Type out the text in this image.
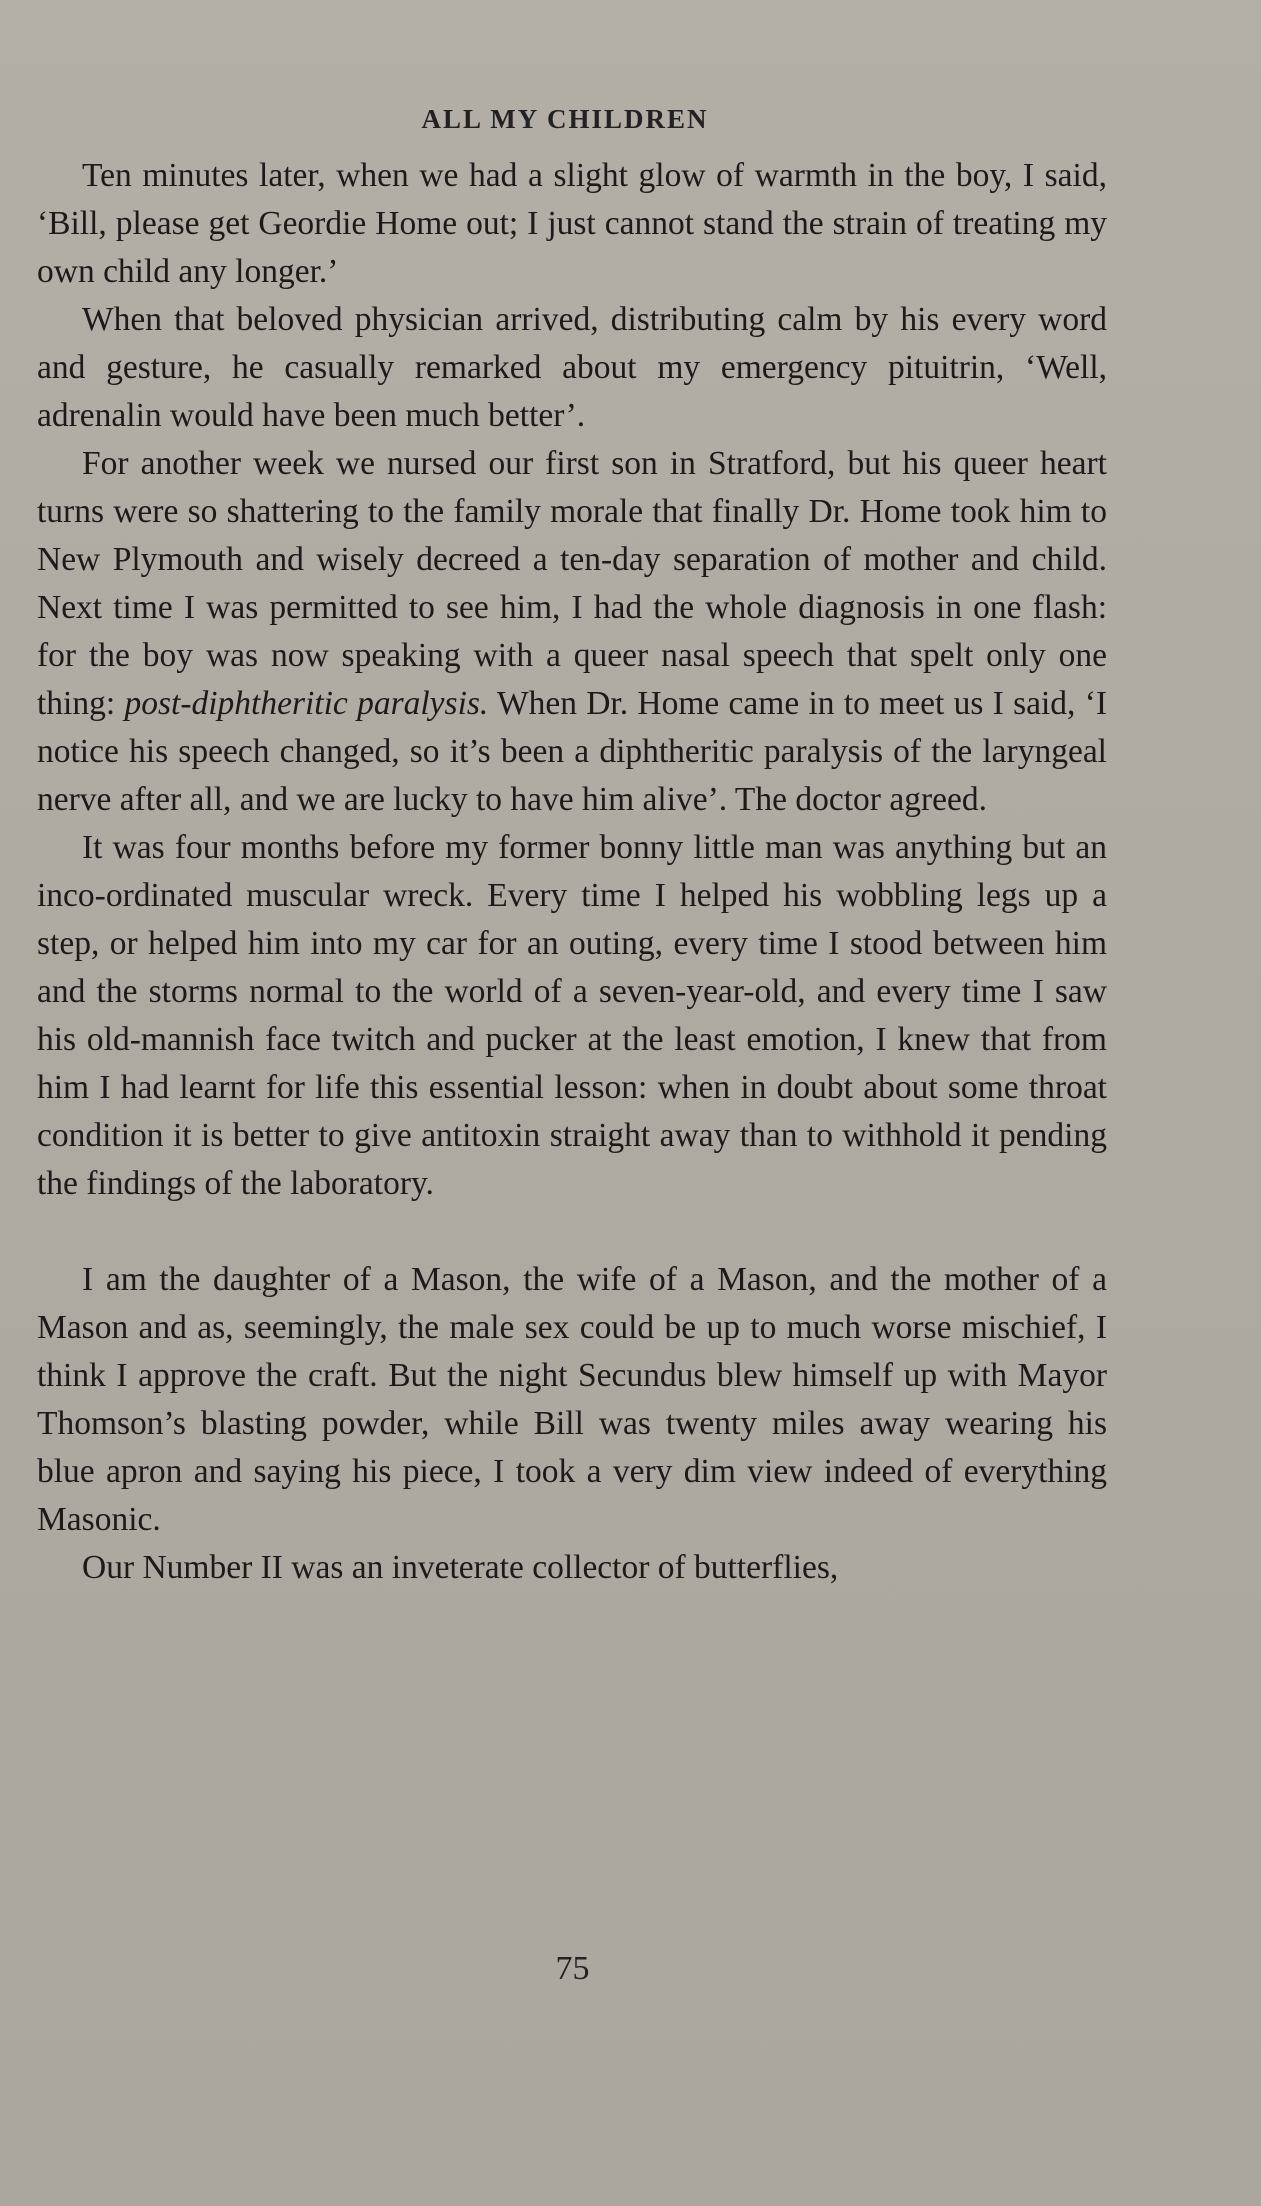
ALL MY CHILDREN

Ten minutes later, when we had a slight glow of warmth in the boy, I said, ‘Bill, please get Geordie Home out; I just cannot stand the strain of treating my own child any longer.’

When that beloved physician arrived, distributing calm by his every word and gesture, he casually remarked about my emergency pituitrin, ‘Well, adrenalin would have been much better’.

For another week we nursed our first son in Stratford, but his queer heart turns were so shattering to the family morale that finally Dr. Home took him to New Plymouth and wisely decreed a ten-day separation of mother and child. Next time I was permitted to see him, I had the whole diagnosis in one flash: for the boy was now speaking with a queer nasal speech that spelt only one thing: post-diphtheritic paralysis. When Dr. Home came in to meet us I said, ‘I notice his speech changed, so it’s been a diphtheritic paralysis of the laryngeal nerve after all, and we are lucky to have him alive’. The doctor agreed.

It was four months before my former bonny little man was anything but an inco-ordinated muscular wreck. Every time I helped his wobbling legs up a step, or helped him into my car for an outing, every time I stood between him and the storms normal to the world of a seven-year-old, and every time I saw his old-mannish face twitch and pucker at the least emotion, I knew that from him I had learnt for life this essential lesson: when in doubt about some throat condition it is better to give antitoxin straight away than to withhold it pending the findings of the laboratory.

I am the daughter of a Mason, the wife of a Mason, and the mother of a Mason and as, seemingly, the male sex could be up to much worse mischief, I think I approve the craft. But the night Secundus blew himself up with Mayor Thomson’s blasting powder, while Bill was twenty miles away wearing his blue apron and saying his piece, I took a very dim view indeed of everything Masonic.

Our Number II was an inveterate collector of butterflies,

75
